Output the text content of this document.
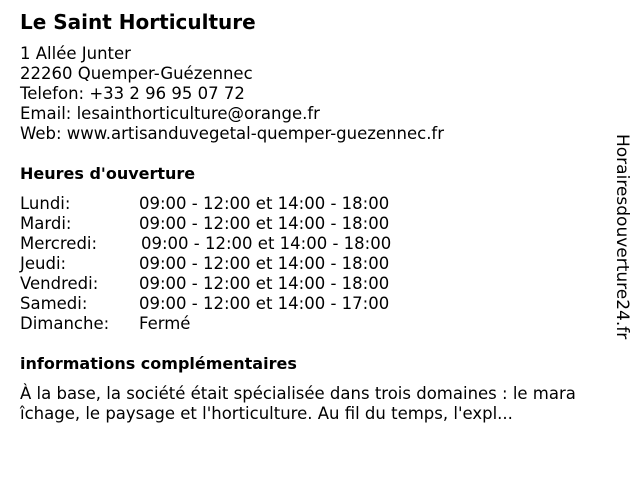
Le Saint Horticulture
1 Allée Junter
22260 Quemper-Guézennec
Telefon: +33 2 96 95 07 72
Email: lesainthorticulture@orange.fr
Web: www.artisanduvegetal-quemper-guezennec.fr
Heures d'ouverture
Lundi:	09:00 - 12:00 et 14:00 - 18:00
Mardi:	09:00 - 12:00 et 14:00 - 18:00
Mercredi:	09:00 - 12:00 et 14:00 - 18:00
Jeudi:	09:00 - 12:00 et 14:00 - 18:00
Vendredi: 09:00 - 12:00 et 14:00 - 18:00
Samedi:	09:00 - 12:00 et 14:00 - 17:00
Dimanche: Fermé
informations complémentaires
À la base, la société était spécialisée dans trois domaines : le maraîchage, le paysage et l'horticulture. Au fil du temps, l'expl...
Horairesdouverture24.fr
